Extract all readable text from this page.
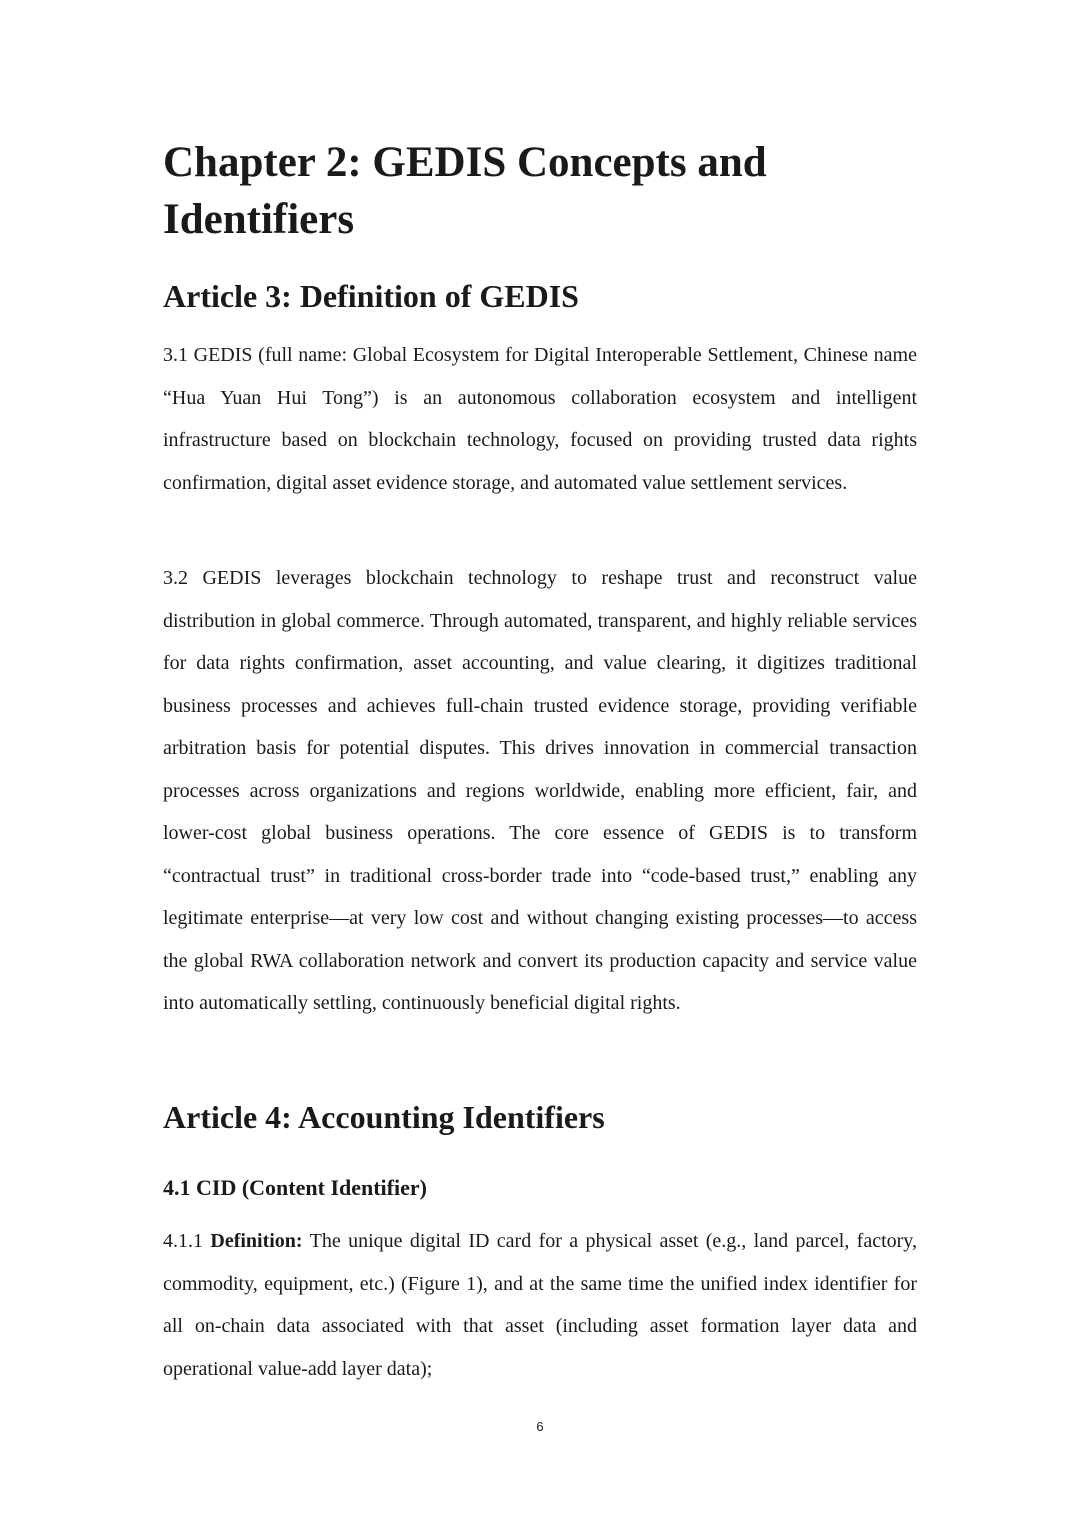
Chapter 2: GEDIS Concepts and Identifiers
Article 3: Definition of GEDIS

3.1 GEDIS (full name: Global Ecosystem for Digital Interoperable Settlement, Chinese name “Hua Yuan Hui Tong”) is an autonomous collaboration ecosystem and intelligent infrastructure based on blockchain technology, focused on providing trusted data rights confirmation, digital asset evidence storage, and automated value settlement services.

3.2 GEDIS leverages blockchain technology to reshape trust and reconstruct value distribution in global commerce. Through automated, transparent, and highly reliable services for data rights confirmation, asset accounting, and value clearing, it digitizes traditional business processes and achieves full-chain trusted evidence storage, providing verifiable arbitration basis for potential disputes. This drives innovation in commercial transaction processes across organizations and regions worldwide, enabling more efficient, fair, and lower-cost global business operations. The core essence of GEDIS is to transform “contractual trust” in traditional cross-border trade into “code-based trust,” enabling any legitimate enterprise—at very low cost and without changing existing processes—to access the global RWA collaboration network and convert its production capacity and service value into automatically settling, continuously beneficial digital rights.

Article 4: Accounting Identifiers
4.1 CID (Content Identifier)

4.1.1 Definition: The unique digital ID card for a physical asset (e.g., land parcel, factory, commodity, equipment, etc.) (Figure 1), and at the same time the unified index identifier for all on-chain data associated with that asset (including asset formation layer data and operational value-add layer data);

6
